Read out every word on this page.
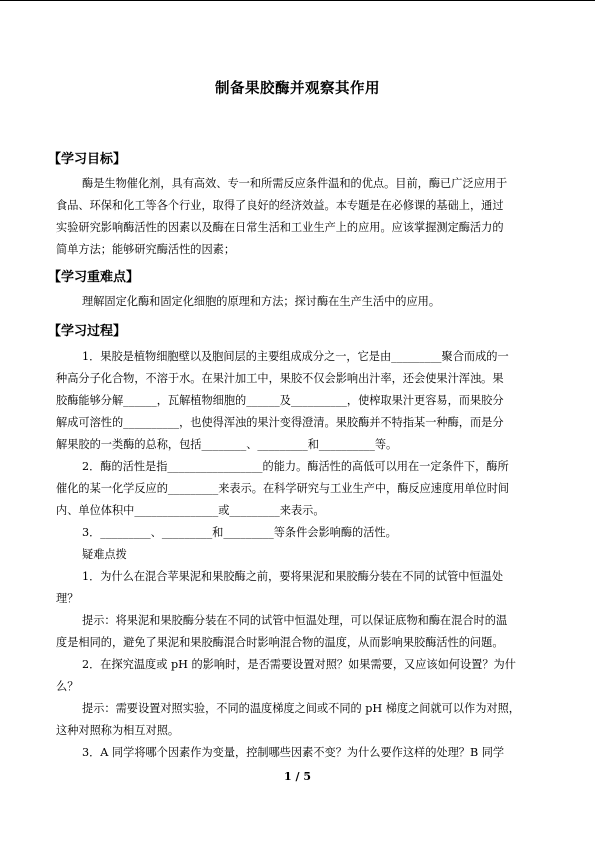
制备果胶酶并观察其作用
【学习目标】
酶是生物催化剂，具有高效、专一和所需反应条件温和的优点。目前，酶已广泛应用于
食品、环保和化工等各个行业，取得了良好的经济效益。本专题是在必修课的基础上，通过
实验研究影响酶活性的因素以及酶在日常生活和工业生产上的应用。应该掌握测定酶活力的
简单方法；能够研究酶活性的因素；
【学习重难点】
理解固定化酶和固定化细胞的原理和方法；探讨酶在生产生活中的应用。
【学习过程】
1．果胶是植物细胞壁以及胞间层的主要组成成分之一，它是由_________聚合而成的一
种高分子化合物，不溶于水。在果汁加工中，果胶不仅会影响出汁率，还会使果汁浑浊。果
胶酶能够分解______，瓦解植物细胞的______及__________，使榨取果汁更容易，而果胶分
解成可溶性的__________，也使得浑浊的果汁变得澄清。果胶酶并不特指某一种酶，而是分
解果胶的一类酶的总称，包括________、_________和__________等。
2．酶的活性是指_________________的能力。酶活性的高低可以用在一定条件下，酶所
催化的某一化学反应的_________来表示。在科学研究与工业生产中，酶反应速度用单位时间
内、单位体积中_______________或_________来表示。
3．_________、_________和_________等条件会影响酶的活性。
疑难点拨
1．为什么在混合苹果泥和果胶酶之前，要将果泥和果胶酶分装在不同的试管中恒温处
理？
提示：将果泥和果胶酶分装在不同的试管中恒温处理，可以保证底物和酶在混合时的温
度是相同的，避免了果泥和果胶酶混合时影响混合物的温度，从而影响果胶酶活性的问题。
2．在探究温度或 pH 的影响时，是否需要设置对照？如果需要，又应该如何设置？为什
么？
提示：需要设置对照实验，不同的温度梯度之间或不同的 pH 梯度之间就可以作为对照，
这种对照称为相互对照。
3．A 同学将哪个因素作为变量，控制哪些因素不变？为什么要作这样的处理？B 同学
1 / 5
